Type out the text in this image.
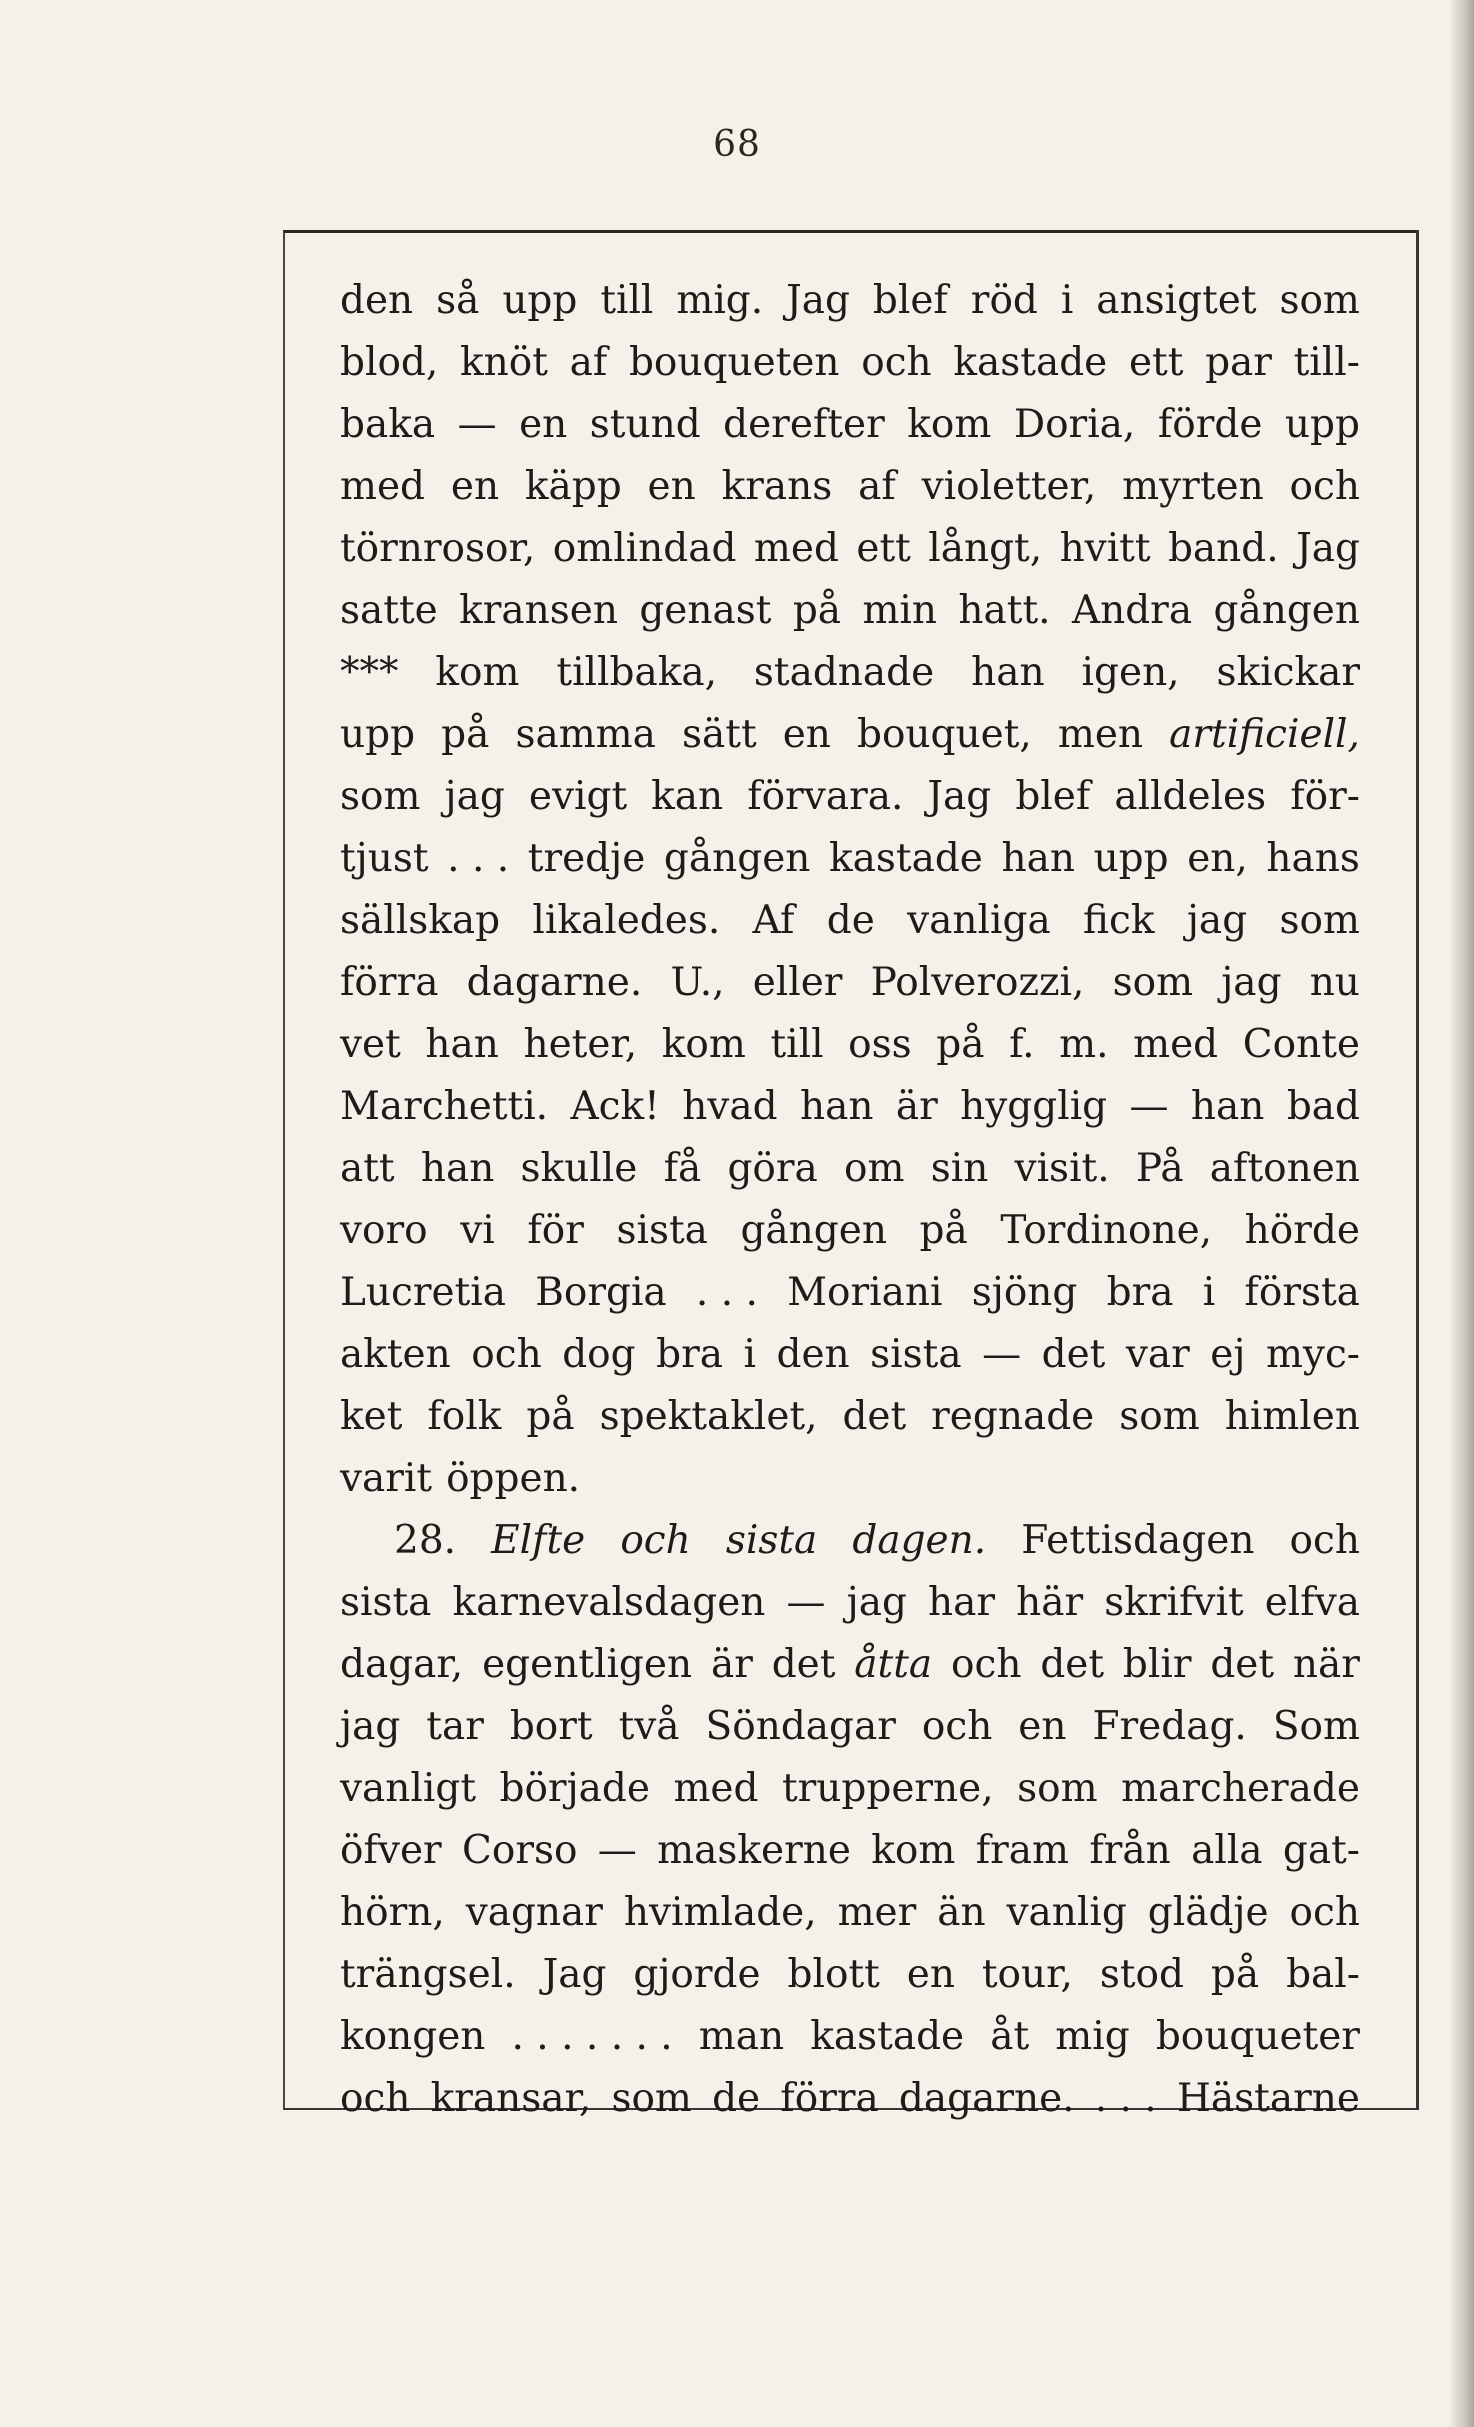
68
den så upp till mig. Jag blef röd i ansigtet som
blod, knöt af bouqueten och kastade ett par till-
baka — en stund derefter kom Doria, förde upp
med en käpp en krans af violetter, myrten och
törnrosor, omlindad med ett långt, hvitt band. Jag
satte kransen genast på min hatt. Andra gången
*** kom tillbaka, stadnade han igen, skickar
upp på samma sätt en bouquet, men artificiell,
som jag evigt kan förvara. Jag blef alldeles för-
tjust . . . tredje gången kastade han upp en, hans
sällskap likaledes. Af de vanliga fick jag som
förra dagarne. U., eller Polverozzi, som jag nu
vet han heter, kom till oss på f. m. med Conte
Marchetti. Ack! hvad han är hygglig — han bad
att han skulle få göra om sin visit. På aftonen
voro vi för sista gången på Tordinone, hörde
Lucretia Borgia . . . Moriani sjöng bra i första
akten och dog bra i den sista — det var ej myc-
ket folk på spektaklet, det regnade som himlen
varit öppen.
28. Elfte och sista dagen. Fettisdagen och
sista karnevalsdagen — jag har här skrifvit elfva
dagar, egentligen är det åtta och det blir det när
jag tar bort två Söndagar och en Fredag. Som
vanligt började med trupperne, som marcherade
öfver Corso — maskerne kom fram från alla gat-
hörn, vagnar hvimlade, mer än vanlig glädje och
trängsel. Jag gjorde blott en tour, stod på bal-
kongen . . . . . . . man kastade åt mig bouqueter
och kransar, som de förra dagarne. . . . Hästarne
